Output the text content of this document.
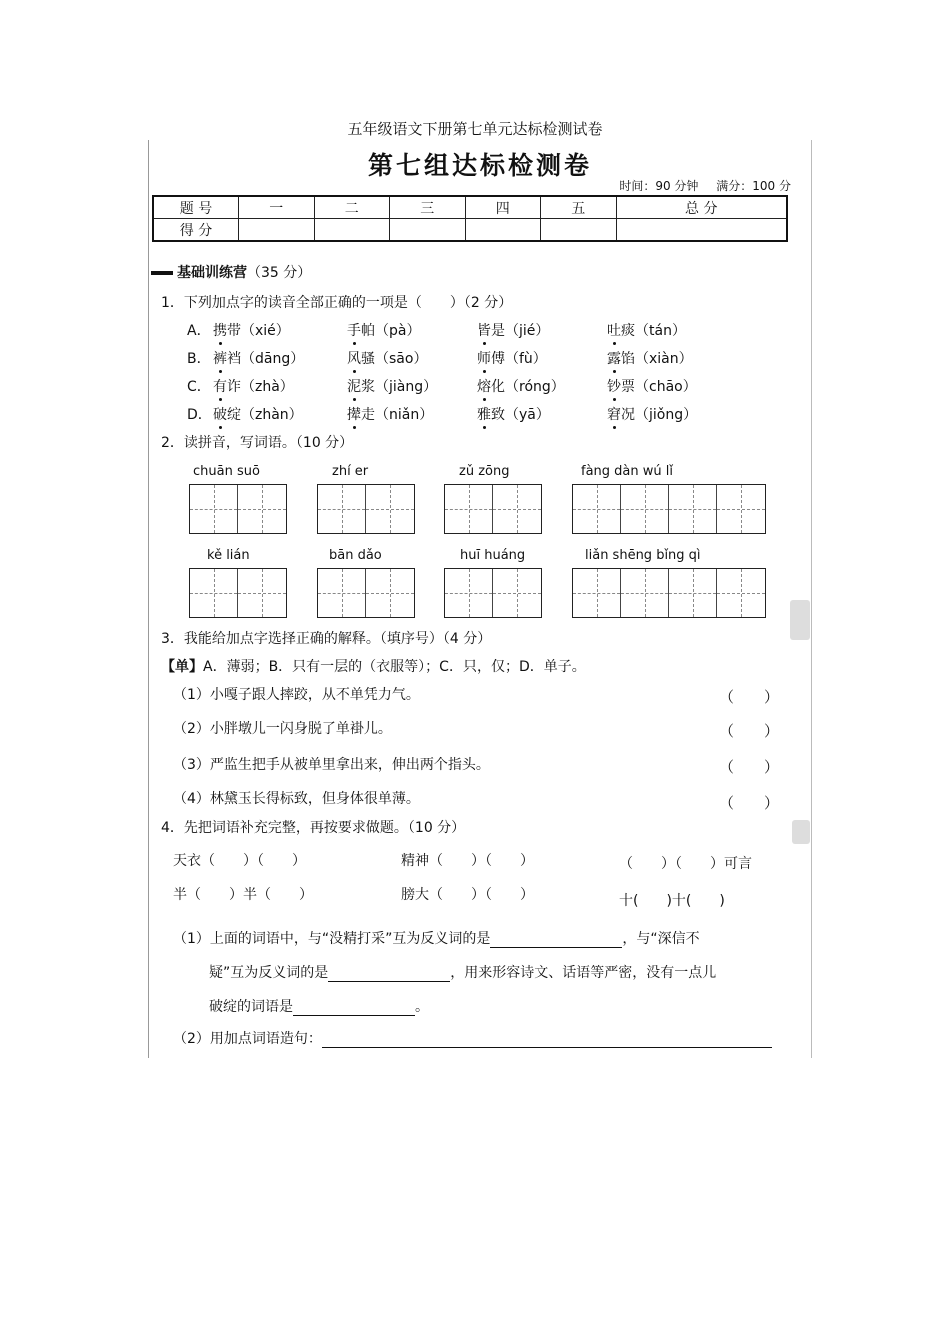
五年级语文下册第七单元达标检测试卷
第七组达标检测卷
时间：90 分钟 满分：100 分
题 号	一	二	三	四	五	总 分
得 分						
基础训练营（35 分）
1．下列加点字的读音全部正确的一项是（　　）（2 分）
2．读拼音，写词语。（10 分）
chuān suō	zhí er	zǔ zōng	fàng dàn wú lǐ
kě lián	bān dǎo	huī huáng	liǎn shēng bǐng qì
3．我能给加点字选择正确的解释。（填序号）（4 分）
【单】A．薄弱；B．只有一层的（衣服等）；C．只，仅；D．单子。
（1）小嘎子跟人摔跤，从不单凭力气。	（　　）
（2）小胖墩儿一闪身脱了单褂儿。	（　　）
（3）严监生把手从被单里拿出来，伸出两个指头。	（　　）
（4）林黛玉长得标致，但身体很单薄。	（　　）
4．先把词语补充完整，再按要求做题。（10 分）
天衣（　　）（　　）	精神（　　）（　　）	（　　）（　　）可言
半（　　）半（　　）	膀大（　　）（　　）	十(　　)十(　　)
（1）上面的词语中，与“没精打采”互为反义词的是	，与“深信不
疑”互为反义词的是	，用来形容诗文、话语等严密，没有一点儿
破绽的词语是	。
（2）用加点词语造句：
A． 携带（xié）	手帕（pà）	皆是（jié）	吐痰（tán）
B． 裤裆（dāng）	风骚（sāo）	师傅（fù）	露馅（xiàn）
C． 有诈（zhà）	泥浆（jiàng）	熔化（róng）	钞票（chāo）
D． 破绽（zhàn）	撵走（niǎn）	雅致（yā）	窘况（jiǒng）
